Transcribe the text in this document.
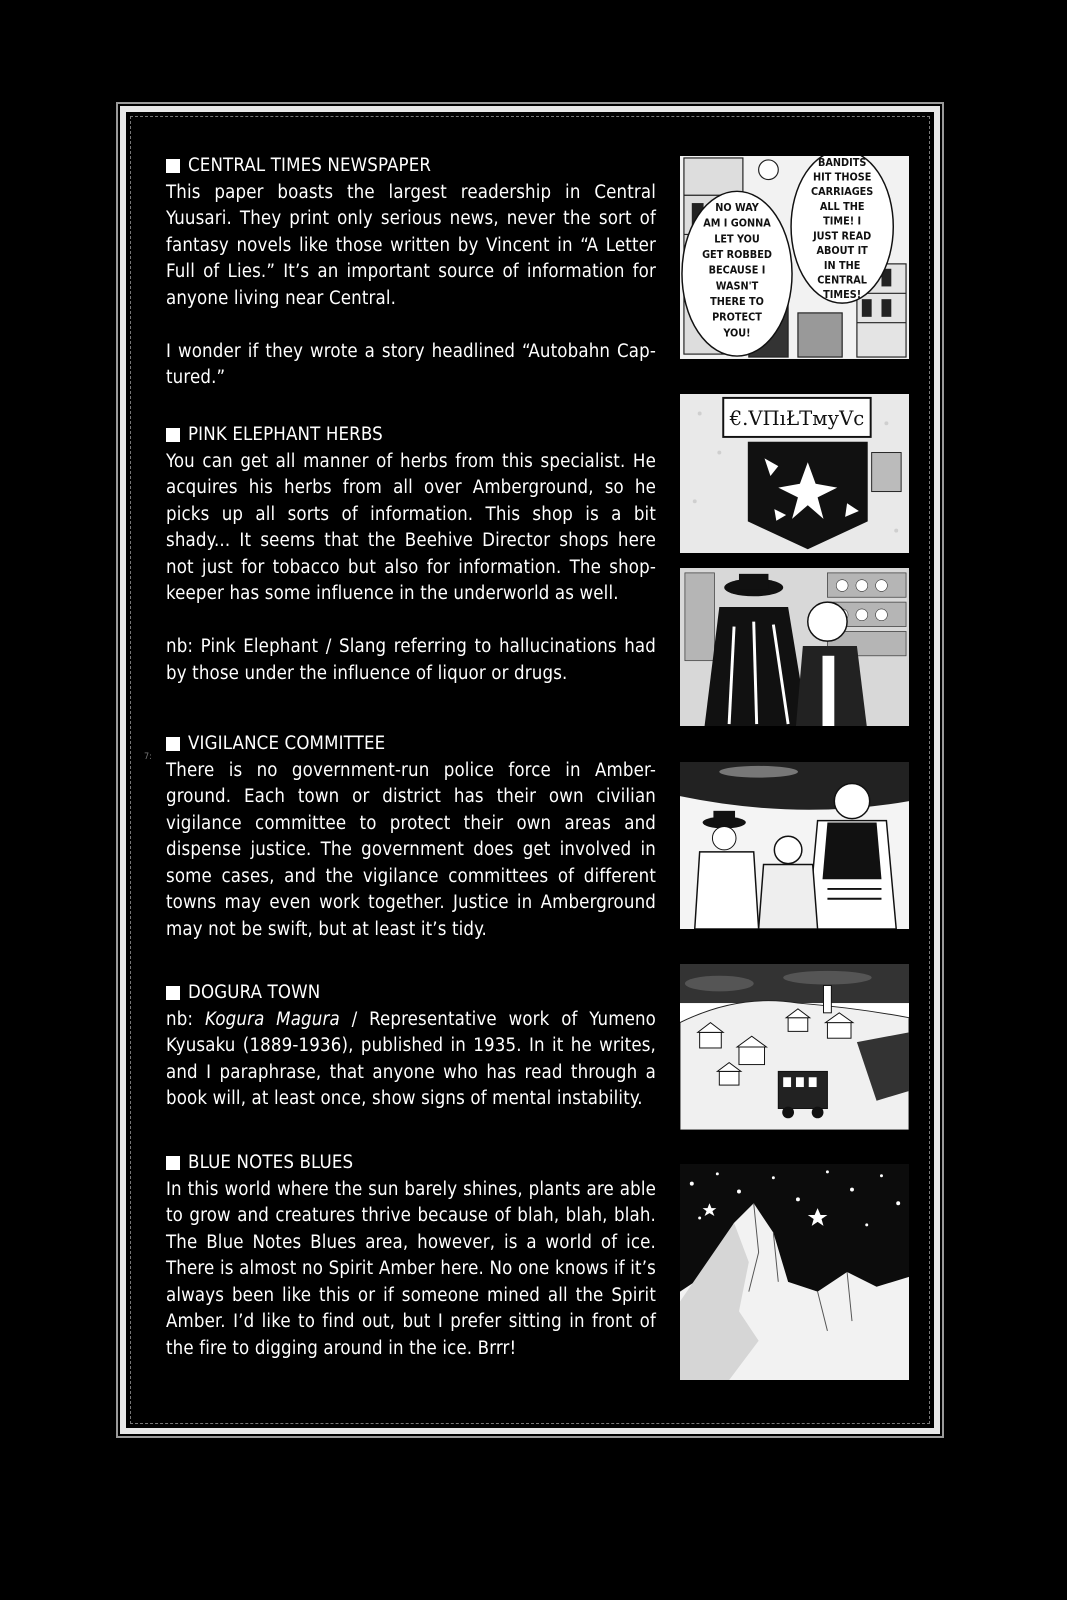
7:
CENTRAL TIMES NEWSPAPER

This paper boasts the largest readership in Central Yuusari. They print only serious news, never the sort of fantasy novels like those written by Vincent in “A Letter Full of Lies.” It’s an important source of information for anyone living near Central.

I wonder if they wrote a story headlined “Autobahn Cap-tured.”

PINK ELEPHANT HERBS

You can get all manner of herbs from this specialist. He acquires his herbs from all over Amberground, so he picks up all sorts of information. This shop is a bit shady... It seems that the Beehive Director shops here not just for tobacco but also for information. The shop-keeper has some influence in the underworld as well.

nb: Pink Elephant / Slang referring to hallucinations had by those under the influence of liquor or drugs.

VIGILANCE COMMITTEE

There is no government-run police force in Amber-ground. Each town or district has their own civilian vigilance committee to protect their own areas and dispense justice. The government does get involved in some cases, and the vigilance committees of different towns may even work together. Justice in Amberground may not be swift, but at least it’s tidy.

DOGURA TOWN

nb: Kogura Magura / Representative work of Yumeno Kyusaku (1889-1936), published in 1935. In it he writes, and I paraphrase, that anyone who has read through a book will, at least once, show signs of mental instability.

BLUE NOTES BLUES

In this world where the sun barely shines, plants are able to grow and creatures thrive because of blah, blah, blah. The Blue Notes Blues area, however, is a world of ice. There is almost no Spirit Amber here. No one knows if it’s always been like this or if someone mined all the Spirit Amber. I’d like to find out, but I prefer sitting in front of the fire to digging around in the ice. Brrr!

NO WAY
AM I GONNA
LET YOU
GET ROBBED
BECAUSE I
WASN'T
THERE TO
PROTECT
YOU!
BANDITS
HIT THOSE
CARRIAGES
ALL THE
TIME! I
JUST READ
ABOUT IT
IN THE
CENTRAL
TIMES!
€.VΠıŁТмуVc
